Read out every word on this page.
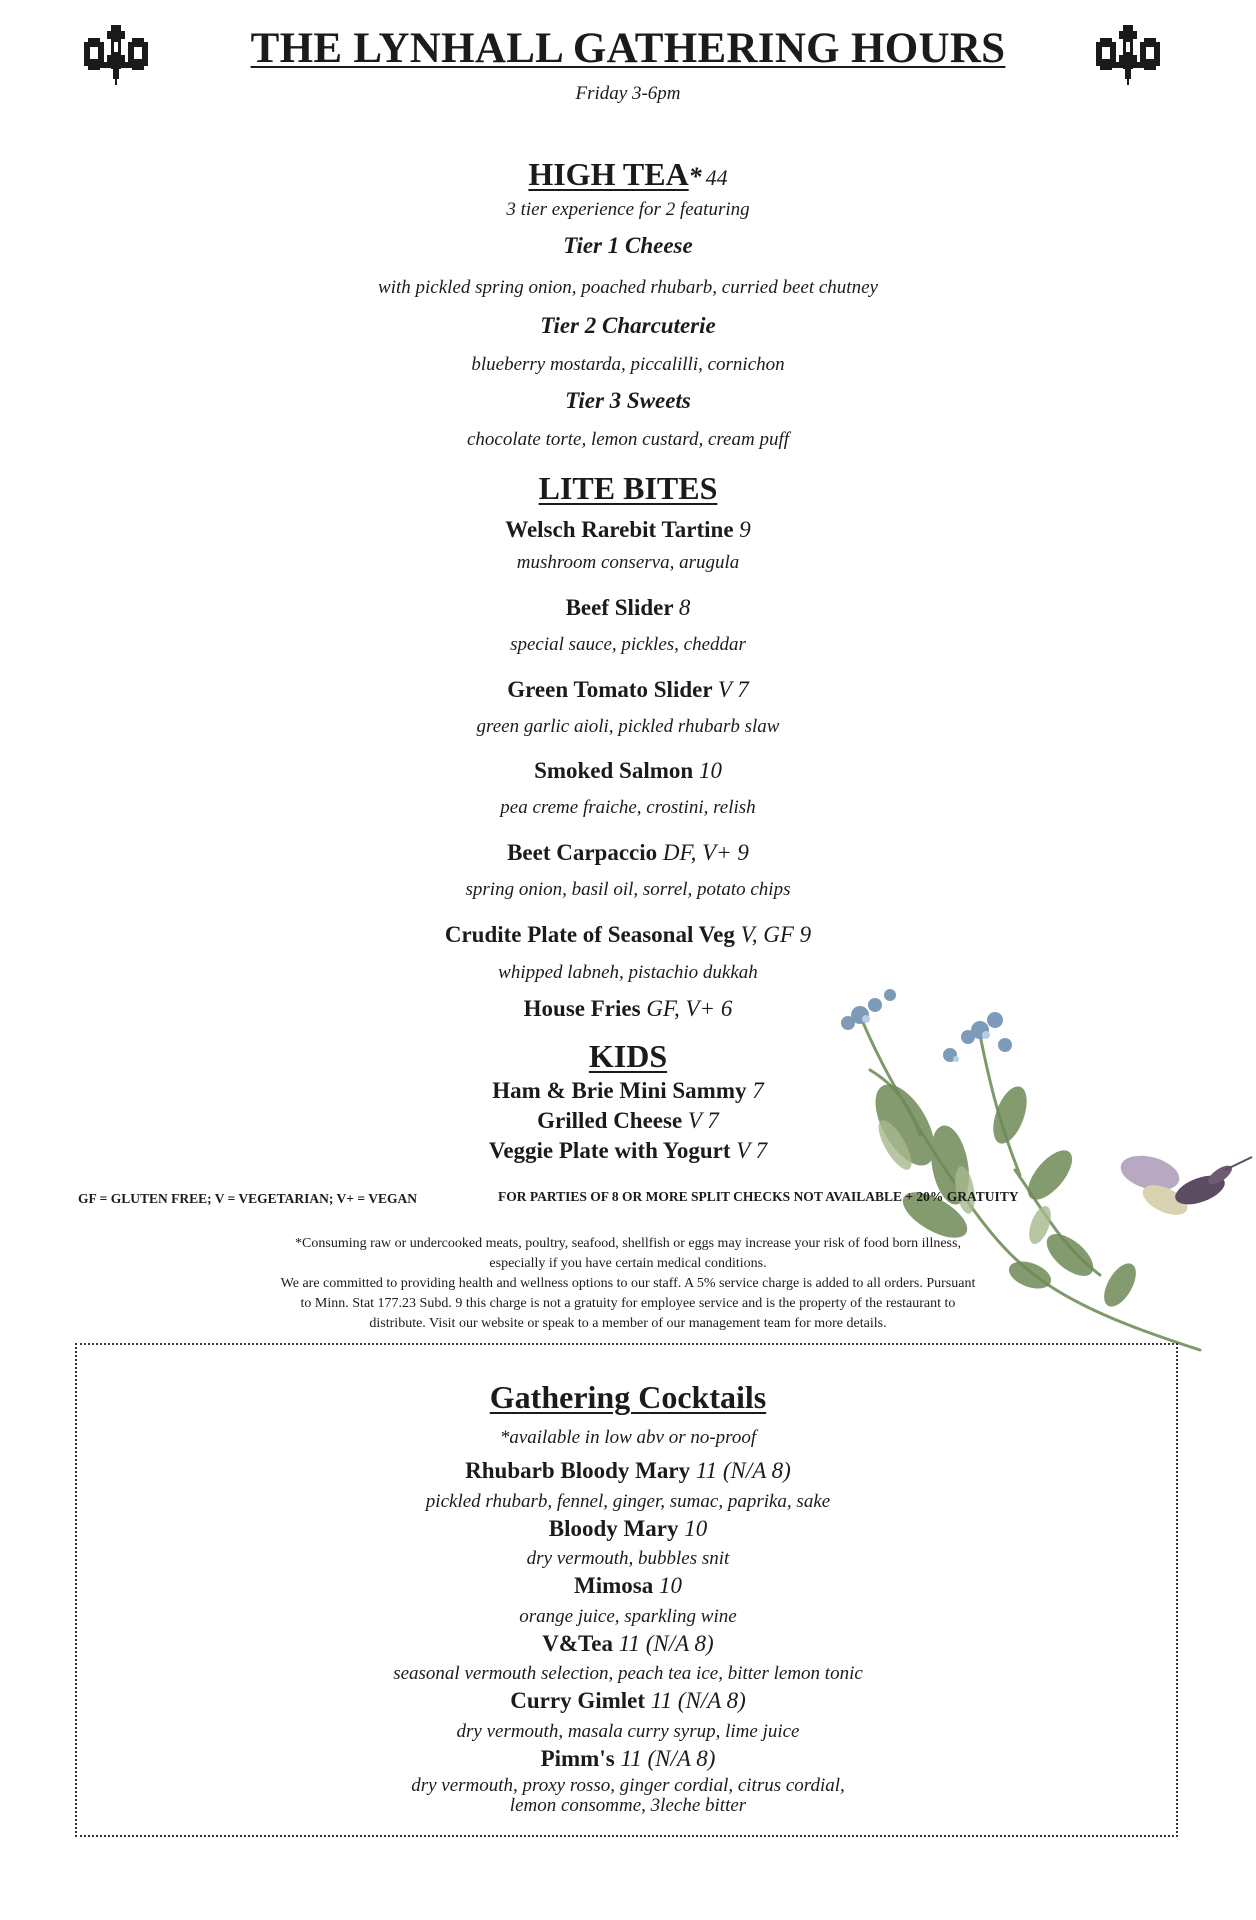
THE LYNHALL GATHERING HOURS
Friday 3-6pm
HIGH TEA* 44
3 tier experience for 2 featuring
Tier 1 Cheese
with pickled spring onion, poached rhubarb, curried beet chutney
Tier 2 Charcuterie
blueberry mostarda, piccalilli, cornichon
Tier 3 Sweets
chocolate torte, lemon custard, cream puff
LITE BITES
Welsch Rarebit Tartine 9
mushroom conserva, arugula
Beef Slider 8
special sauce, pickles, cheddar
Green Tomato Slider V 7
green garlic aioli, pickled rhubarb slaw
Smoked Salmon 10
pea creme fraiche, crostini, relish
Beet Carpaccio DF, V+ 9
spring onion, basil oil, sorrel, potato chips
Crudite Plate of Seasonal Veg V, GF 9
whipped labneh, pistachio dukkah
House Fries GF, V+ 6
KIDS
Ham & Brie Mini Sammy 7
Grilled Cheese V 7
Veggie Plate with Yogurt V 7
GF = GLUTEN FREE; V = VEGETARIAN; V+ = VEGAN	FOR PARTIES OF 8 OR MORE SPLIT CHECKS NOT AVAILABLE + 20% GRATUITY
*Consuming raw or undercooked meats, poultry, seafood, shellfish or eggs may increase your risk of food born illness,
especially if you have certain medical conditions.
We are committed to providing health and wellness options to our staff. A 5% service charge is added to all orders. Pursuant
to Minn. Stat 177.23 Subd. 9 this charge is not a gratuity for employee service and is the property of the restaurant to
distribute. Visit our website or speak to a member of our management team for more details.
Gathering Cocktails
*available in low abv or no-proof
Rhubarb Bloody Mary 11 (N/A 8)
pickled rhubarb, fennel, ginger, sumac, paprika, sake
Bloody Mary 10
dry vermouth, bubbles snit
Mimosa 10
orange juice, sparkling wine
V&Tea 11 (N/A 8)
seasonal vermouth selection, peach tea ice, bitter lemon tonic
Curry Gimlet 11 (N/A 8)
dry vermouth, masala curry syrup, lime juice
Pimm's 11 (N/A 8)
dry vermouth, proxy rosso, ginger cordial, citrus cordial,
lemon consomme, 3leche bitter
